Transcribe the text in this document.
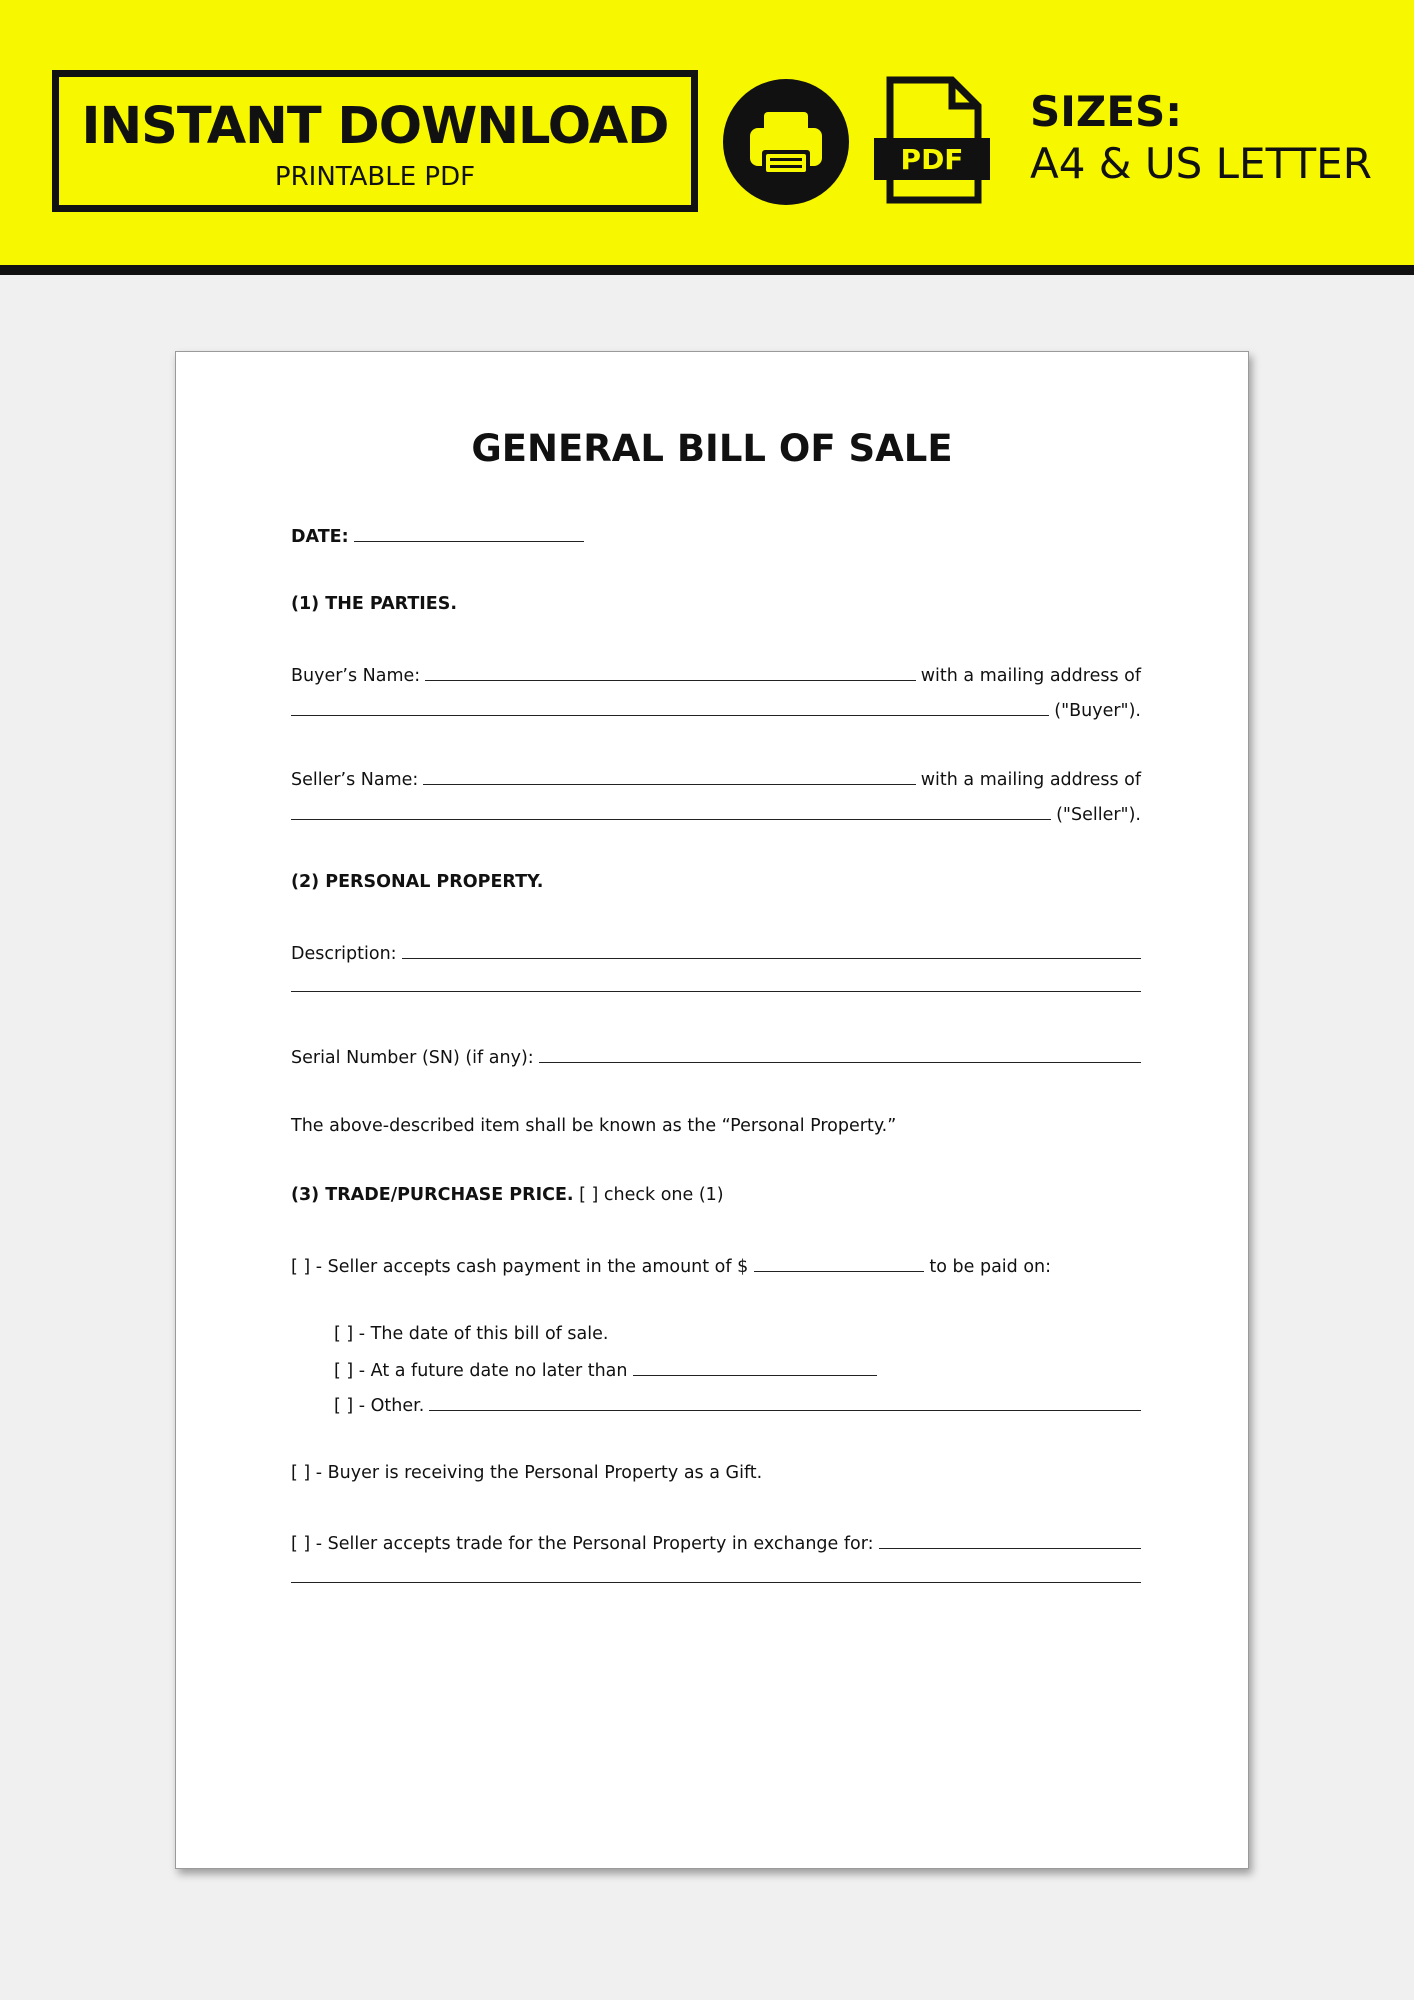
INSTANT DOWNLOAD
PRINTABLE PDF
PDF
SIZES:
A4 & US LETTER
GENERAL BILL OF SALE
DATE:
(1) THE PARTIES.
Buyer’s Name:	with a mailing address of
("Buyer").
Seller’s Name:	with a mailing address of
("Seller").
(2) PERSONAL PROPERTY.
Description:
Serial Number (SN) (if any):
The above-described item shall be known as the “Personal Property.”
(3) TRADE/PURCHASE PRICE. [ ] check one (1)
[ ] - Seller accepts cash payment in the amount of $	to be paid on:
[ ] - The date of this bill of sale.
[ ] - At a future date no later than
[ ] - Other.
[ ] - Buyer is receiving the Personal Property as a Gift.
[ ] - Seller accepts trade for the Personal Property in exchange for:
